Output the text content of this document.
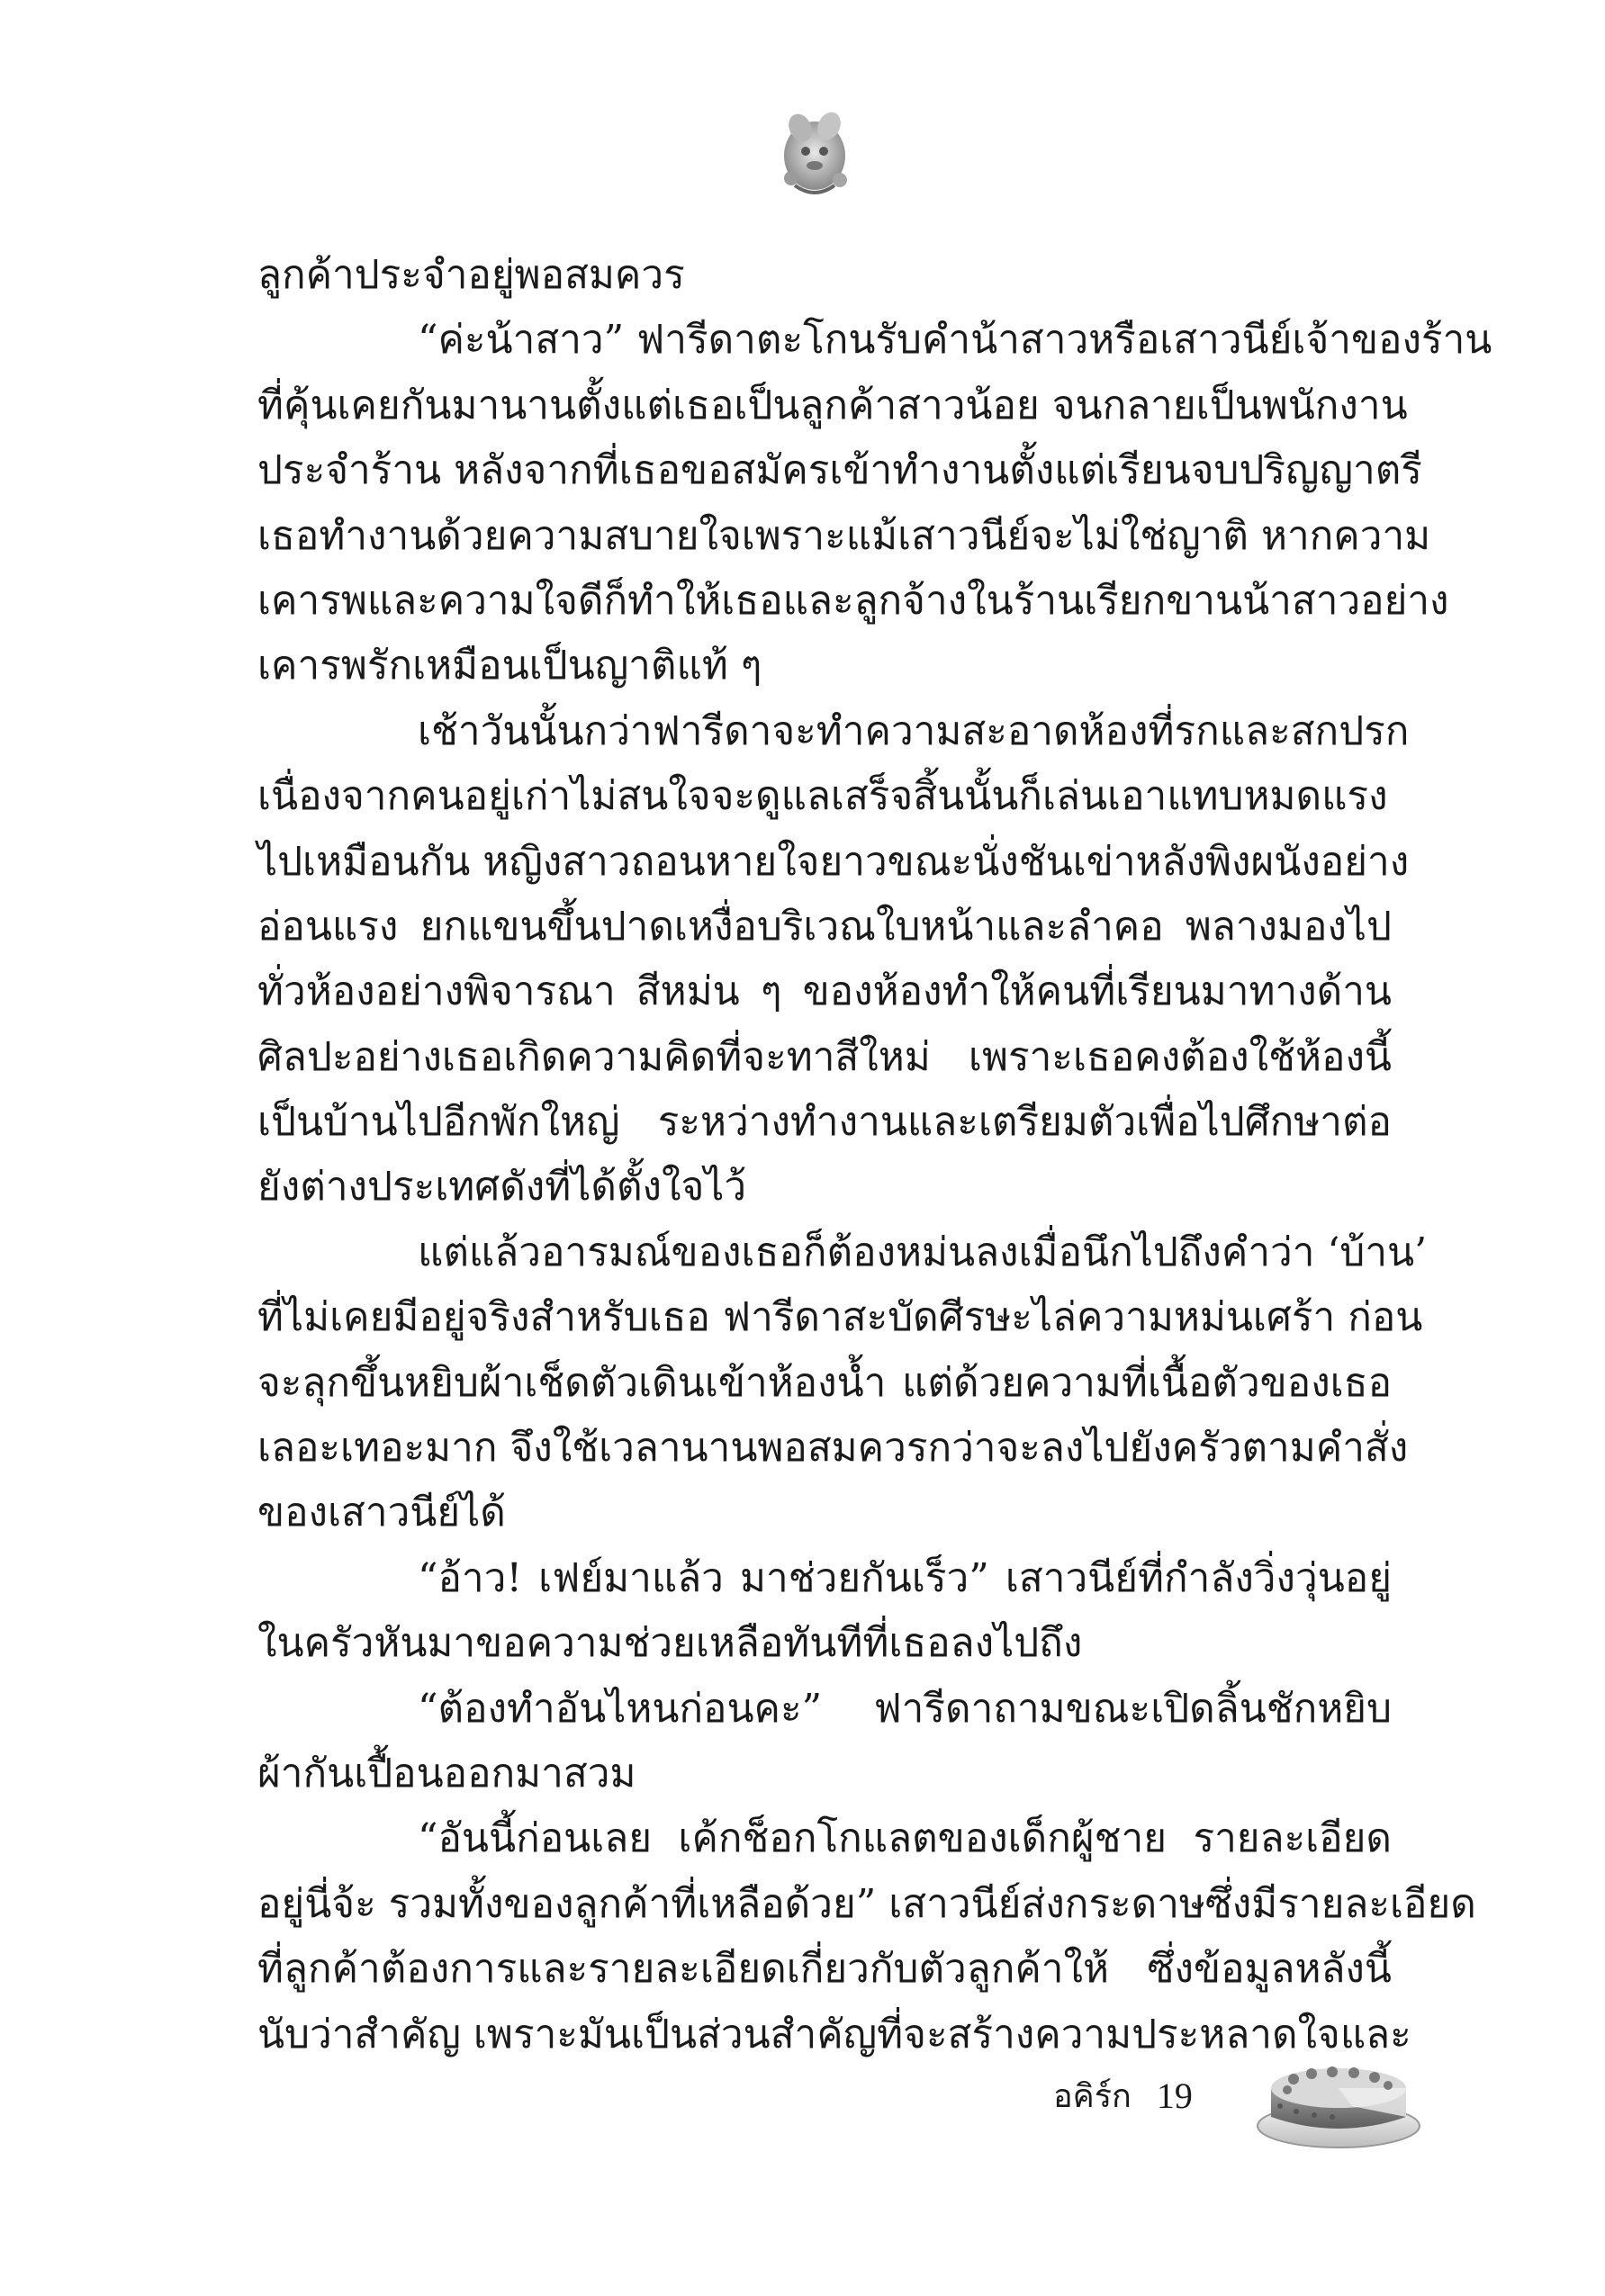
ลูกค้าประจำอยู่พอสมควร
“ค่ะน้าสาว” ฟารีดาตะโกนรับคำน้าสาวหรือเสาวนีย์เจ้าของร้าน
ที่คุ้นเคยกันมานานตั้งแต่เธอเป็นลูกค้าสาวน้อย จนกลายเป็นพนักงาน
ประจำร้าน หลังจากที่เธอขอสมัครเข้าทำงานตั้งแต่เรียนจบปริญญาตรี
เธอทำงานด้วยความสบายใจเพราะแม้เสาวนีย์จะไม่ใช่ญาติ หากความ
เคารพและความใจดีก็ทำให้เธอและลูกจ้างในร้านเรียกขานน้าสาวอย่าง
เคารพรักเหมือนเป็นญาติแท้ ๆ
เช้าวันนั้นกว่าฟารีดาจะทำความสะอาดห้องที่รกและสกปรก
เนื่องจากคนอยู่เก่าไม่สนใจจะดูแลเสร็จสิ้นนั้นก็เล่นเอาแทบหมดแรง
ไปเหมือนกัน หญิงสาวถอนหายใจยาวขณะนั่งชันเข่าหลังพิงผนังอย่าง
อ่อนแรง ยกแขนขึ้นปาดเหงื่อบริเวณใบหน้าและลำคอ พลางมองไป
ทั่วห้องอย่างพิจารณา สีหม่น ๆ ของห้องทำให้คนที่เรียนมาทางด้าน
ศิลปะอย่างเธอเกิดความคิดที่จะทาสีใหม่ เพราะเธอคงต้องใช้ห้องนี้
เป็นบ้านไปอีกพักใหญ่ ระหว่างทำงานและเตรียมตัวเพื่อไปศึกษาต่อ
ยังต่างประเทศดังที่ได้ตั้งใจไว้
แต่แล้วอารมณ์ของเธอก็ต้องหม่นลงเมื่อนึกไปถึงคำว่า ‘บ้าน’
ที่ไม่เคยมีอยู่จริงสำหรับเธอ ฟารีดาสะบัดศีรษะไล่ความหม่นเศร้า ก่อน
จะลุกขึ้นหยิบผ้าเช็ดตัวเดินเข้าห้องน้ำ แต่ด้วยความที่เนื้อตัวของเธอ
เลอะเทอะมาก จึงใช้เวลานานพอสมควรกว่าจะลงไปยังครัวตามคำสั่ง
ของเสาวนีย์ได้
“อ้าว! เฟย์มาแล้ว มาช่วยกันเร็ว” เสาวนีย์ที่กำลังวิ่งวุ่นอยู่
ในครัวหันมาขอความช่วยเหลือทันทีที่เธอลงไปถึง
“ต้องทำอันไหนก่อนคะ” ฟารีดาถามขณะเปิดลิ้นชักหยิบ
ผ้ากันเปื้อนออกมาสวม
“อันนี้ก่อนเลย เค้กช็อกโกแลตของเด็กผู้ชาย รายละเอียด
อยู่นี่จ้ะ รวมทั้งของลูกค้าที่เหลือด้วย” เสาวนีย์ส่งกระดาษซึ่งมีรายละเอียด
ที่ลูกค้าต้องการและรายละเอียดเกี่ยวกับตัวลูกค้าให้ ซึ่งข้อมูลหลังนี้
นับว่าสำคัญ เพราะมันเป็นส่วนสำคัญที่จะสร้างความประหลาดใจและ
อคิร์ก 19
